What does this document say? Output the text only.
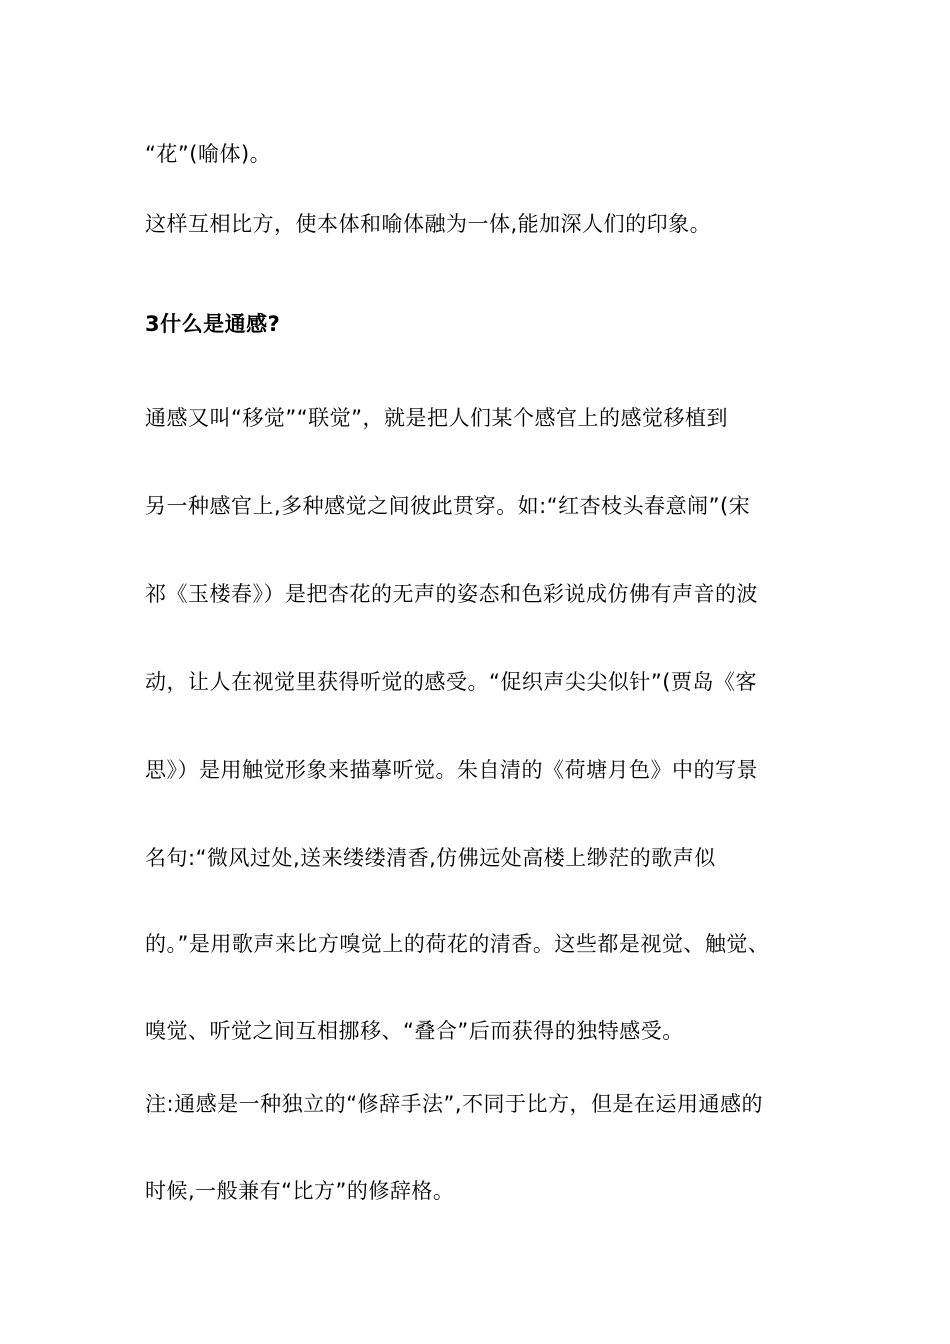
“花”(喻体)。
这样互相比方，使本体和喻体融为一体,能加深人们的印象。
3什么是通感?
通感又叫“移觉”“联觉”，就是把人们某个感官上的感觉移植到
另一种感官上,多种感觉之间彼此贯穿。如:“红杏枝头春意闹”(宋
祁《玉楼春》）是把杏花的无声的姿态和色彩说成仿佛有声音的波
动，让人在视觉里获得听觉的感受。“促织声尖尖似针”(贾岛《客
思》）是用触觉形象来描摹听觉。朱自清的《荷塘月色》中的写景
名句:“微风过处,送来缕缕清香,仿佛远处高楼上缈茫的歌声似
的。”是用歌声来比方嗅觉上的荷花的清香。这些都是视觉、触觉、
嗅觉、听觉之间互相挪移、“叠合”后而获得的独特感受。
注:通感是一种独立的“修辞手法”,不同于比方，但是在运用通感的
时候,一般兼有“比方”的修辞格。
